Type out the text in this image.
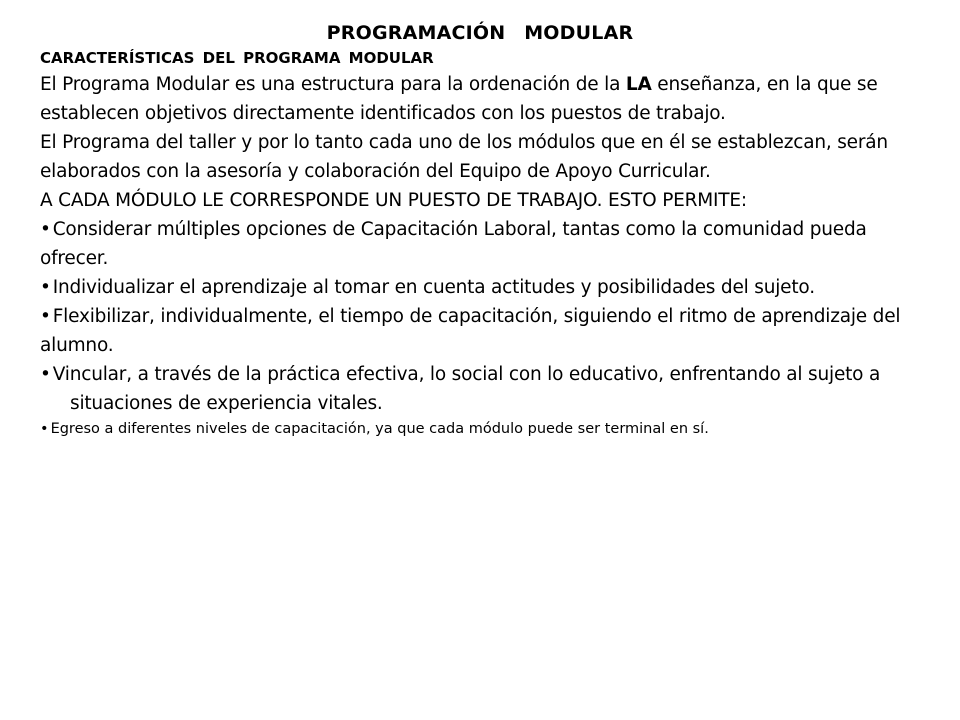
PROGRAMACIÓN MODULAR
CARACTERÍSTICAS DEL PROGRAMA MODULAR

El Programa Modular es una estructura para la ordenación de la LA enseñanza, en la que se establecen objetivos directamente identificados con los puestos de trabajo.

El Programa del taller y por lo tanto cada uno de los módulos que en él se establezcan, serán elaborados con la asesoría y colaboración del Equipo de Apoyo Curricular.

A CADA MÓDULO LE CORRESPONDE UN PUESTO DE TRABAJO. ESTO PERMITE:

• Considerar múltiples opciones de Capacitación Laboral, tantas como la comunidad pueda ofrecer.

• Individualizar el aprendizaje al tomar en cuenta actitudes y posibilidades del sujeto.

• Flexibilizar, individualmente, el tiempo de capacitación, siguiendo el ritmo de aprendizaje del alumno.

• Vincular, a través de la práctica efectiva, lo social con lo educativo, enfrentando al sujeto a

situaciones de experiencia vitales.

• Egreso a diferentes niveles de capacitación, ya que cada módulo puede ser terminal en sí.
